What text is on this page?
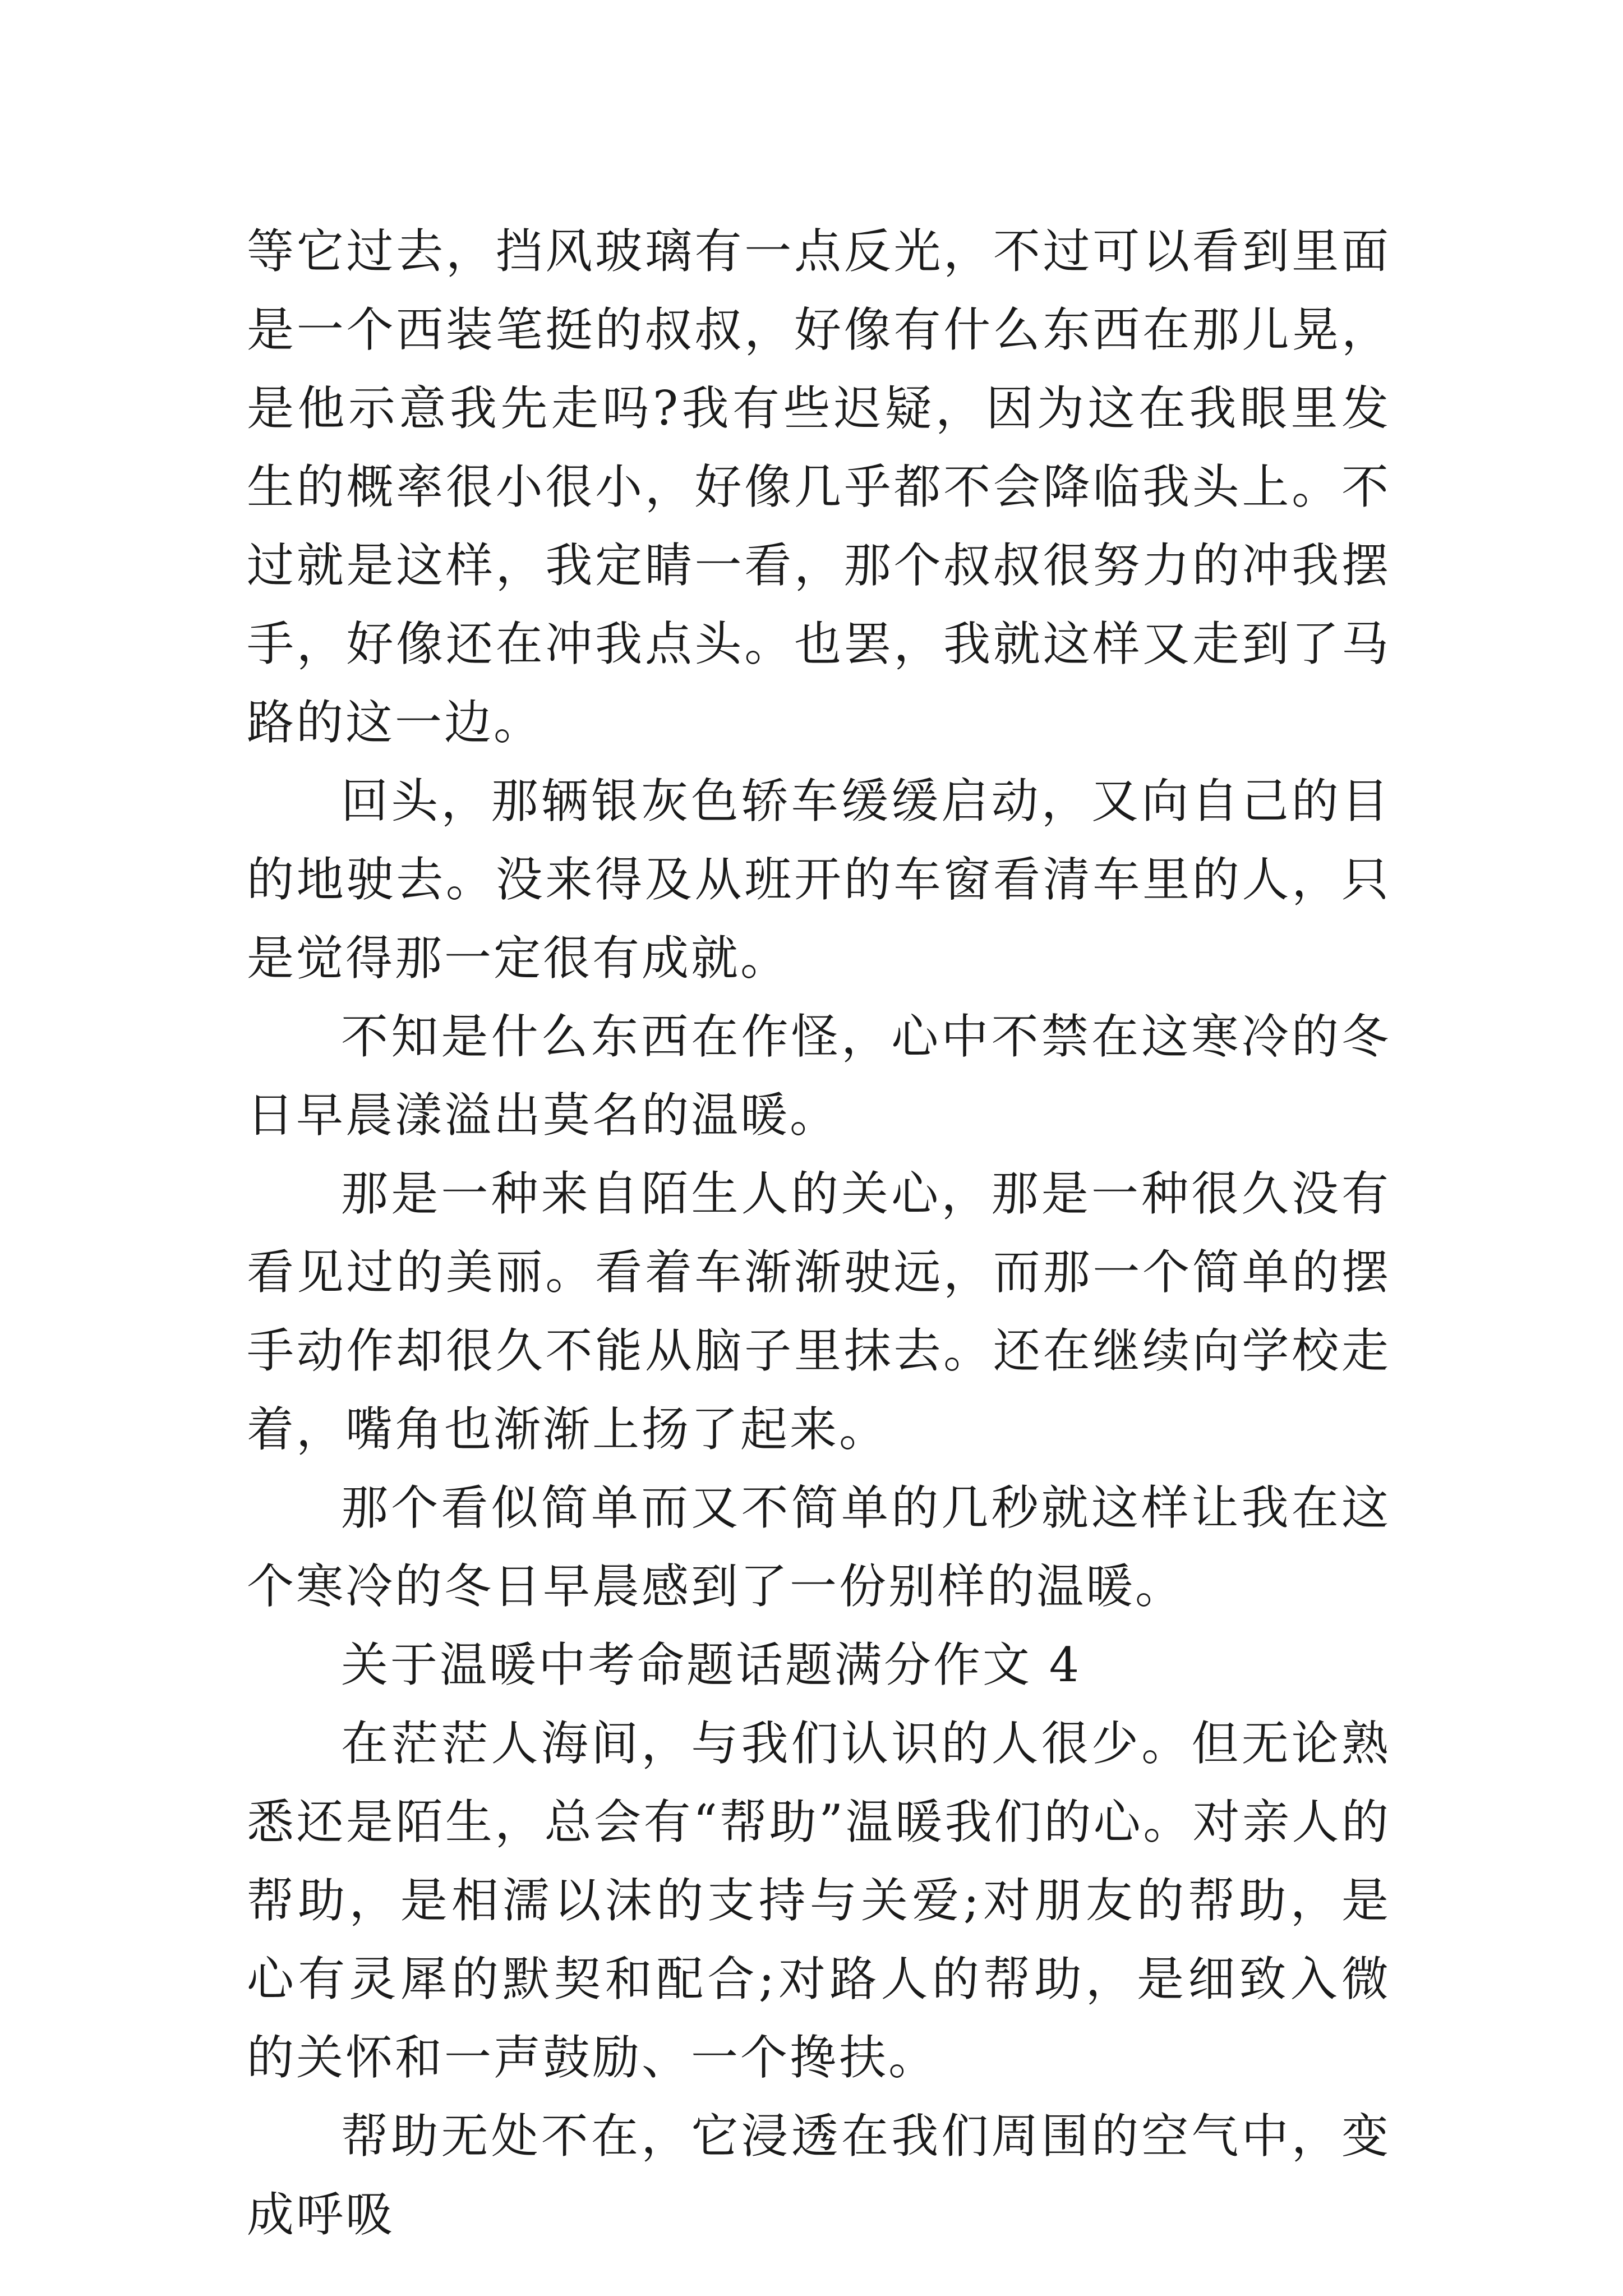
等它过去，挡风玻璃有一点反光，不过可以看到里面是一个西装笔挺的叔叔，好像有什么东西在那儿晃，是他示意我先走吗?我有些迟疑，因为这在我眼里发生的概率很小很小，好像几乎都不会降临我头上。不过就是这样，我定睛一看，那个叔叔很努力的冲我摆手，好像还在冲我点头。也罢，我就这样又走到了马路的这一边。

回头，那辆银灰色轿车缓缓启动，又向自己的目的地驶去。没来得及从班开的车窗看清车里的人，只是觉得那一定很有成就。

不知是什么东西在作怪，心中不禁在这寒冷的冬日早晨漾溢出莫名的温暖。

那是一种来自陌生人的关心，那是一种很久没有看见过的美丽。看着车渐渐驶远，而那一个简单的摆手动作却很久不能从脑子里抹去。还在继续向学校走着，嘴角也渐渐上扬了起来。

那个看似简单而又不简单的几秒就这样让我在这个寒冷的冬日早晨感到了一份别样的温暖。

关于温暖中考命题话题满分作文 4

在茫茫人海间，与我们认识的人很少。但无论熟悉还是陌生，总会有“帮助”温暖我们的心。对亲人的帮助，是相濡以沫的支持与关爱;对朋友的帮助，是心有灵犀的默契和配合;对路人的帮助，是细致入微的关怀和一声鼓励、一个搀扶。

帮助无处不在，它浸透在我们周围的空气中，变成呼吸
